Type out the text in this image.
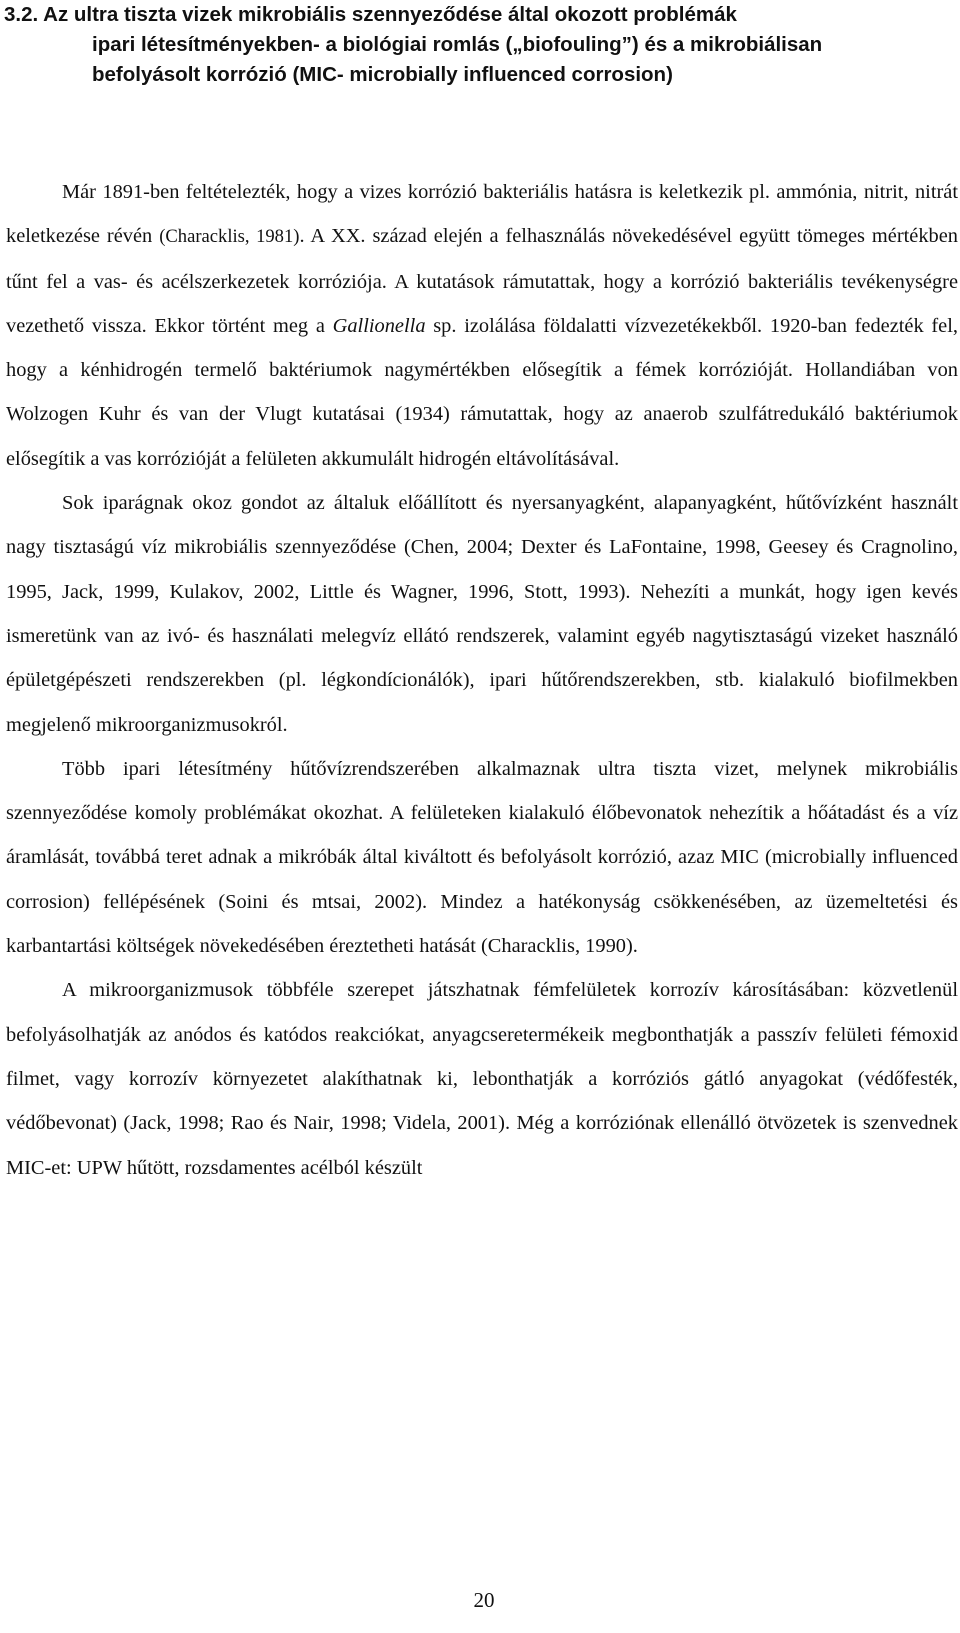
3.2. Az ultra tiszta vizek mikrobiális szennyeződése által okozott problémák
ipari létesítményekben- a biológiai romlás („biofouling”) és a mikrobiálisan
befolyásolt korrózió (MIC- microbially influenced corrosion)

Már 1891-ben feltételezték, hogy a vizes korrózió bakteriális hatásra is keletkezik pl. ammónia, nitrit, nitrát keletkezése révén (Characklis, 1981). A XX. század elején a felhasználás növekedésével együtt tömeges mértékben tűnt fel a vas- és acélszerkezetek korróziója. A kutatások rámutattak, hogy a korrózió bakteriális tevékenységre vezethető vissza. Ekkor történt meg a Gallionella sp. izolálása földalatti vízvezetékekből. 1920-ban fedezték fel, hogy a kénhidrogén termelő baktériumok nagymértékben elősegítik a fémek korrózióját. Hollandiában von Wolzogen Kuhr és van der Vlugt kutatásai (1934) rámutattak, hogy az anaerob szulfátredukáló baktériumok elősegítik a vas korrózióját a felületen akkumulált hidrogén eltávolításával.

Sok iparágnak okoz gondot az általuk előállított és nyersanyagként, alapanyagként, hűtővízként használt nagy tisztaságú víz mikrobiális szennyeződése (Chen, 2004; Dexter és LaFontaine, 1998, Geesey és Cragnolino, 1995, Jack, 1999, Kulakov, 2002, Little és Wagner, 1996, Stott, 1993). Nehezíti a munkát, hogy igen kevés ismeretünk van az ivó- és használati melegvíz ellátó rendszerek, valamint egyéb nagytisztaságú vizeket használó épületgépészeti rendszerekben (pl. légkondícionálók), ipari hűtőrendszerekben, stb. kialakuló biofilmekben megjelenő mikroorganizmusokról.

Több ipari létesítmény hűtővízrendszerében alkalmaznak ultra tiszta vizet, melynek mikrobiális szennyeződése komoly problémákat okozhat. A felületeken kialakuló élőbevonatok nehezítik a hőátadást és a víz áramlását, továbbá teret adnak a mikróbák által kiváltott és befolyásolt korrózió, azaz MIC (microbially influenced corrosion) fellépésének (Soini és mtsai, 2002). Mindez a hatékonyság csökkenésében, az üzemeltetési és karbantartási költségek növekedésében éreztetheti hatását (Characklis, 1990).

A mikroorganizmusok többféle szerepet játszhatnak fémfelületek korrozív károsításában: közvetlenül befolyásolhatják az anódos és katódos reakciókat, anyagcseretermékeik megbonthatják a passzív felületi fémoxid filmet, vagy korrozív környezetet alakíthatnak ki, lebonthatják a korróziós gátló anyagokat (védőfesték, védőbevonat) (Jack, 1998; Rao és Nair, 1998; Videla, 2001). Még a korróziónak ellenálló ötvözetek is szenvednek MIC-et: UPW hűtött, rozsdamentes acélból készült

20
